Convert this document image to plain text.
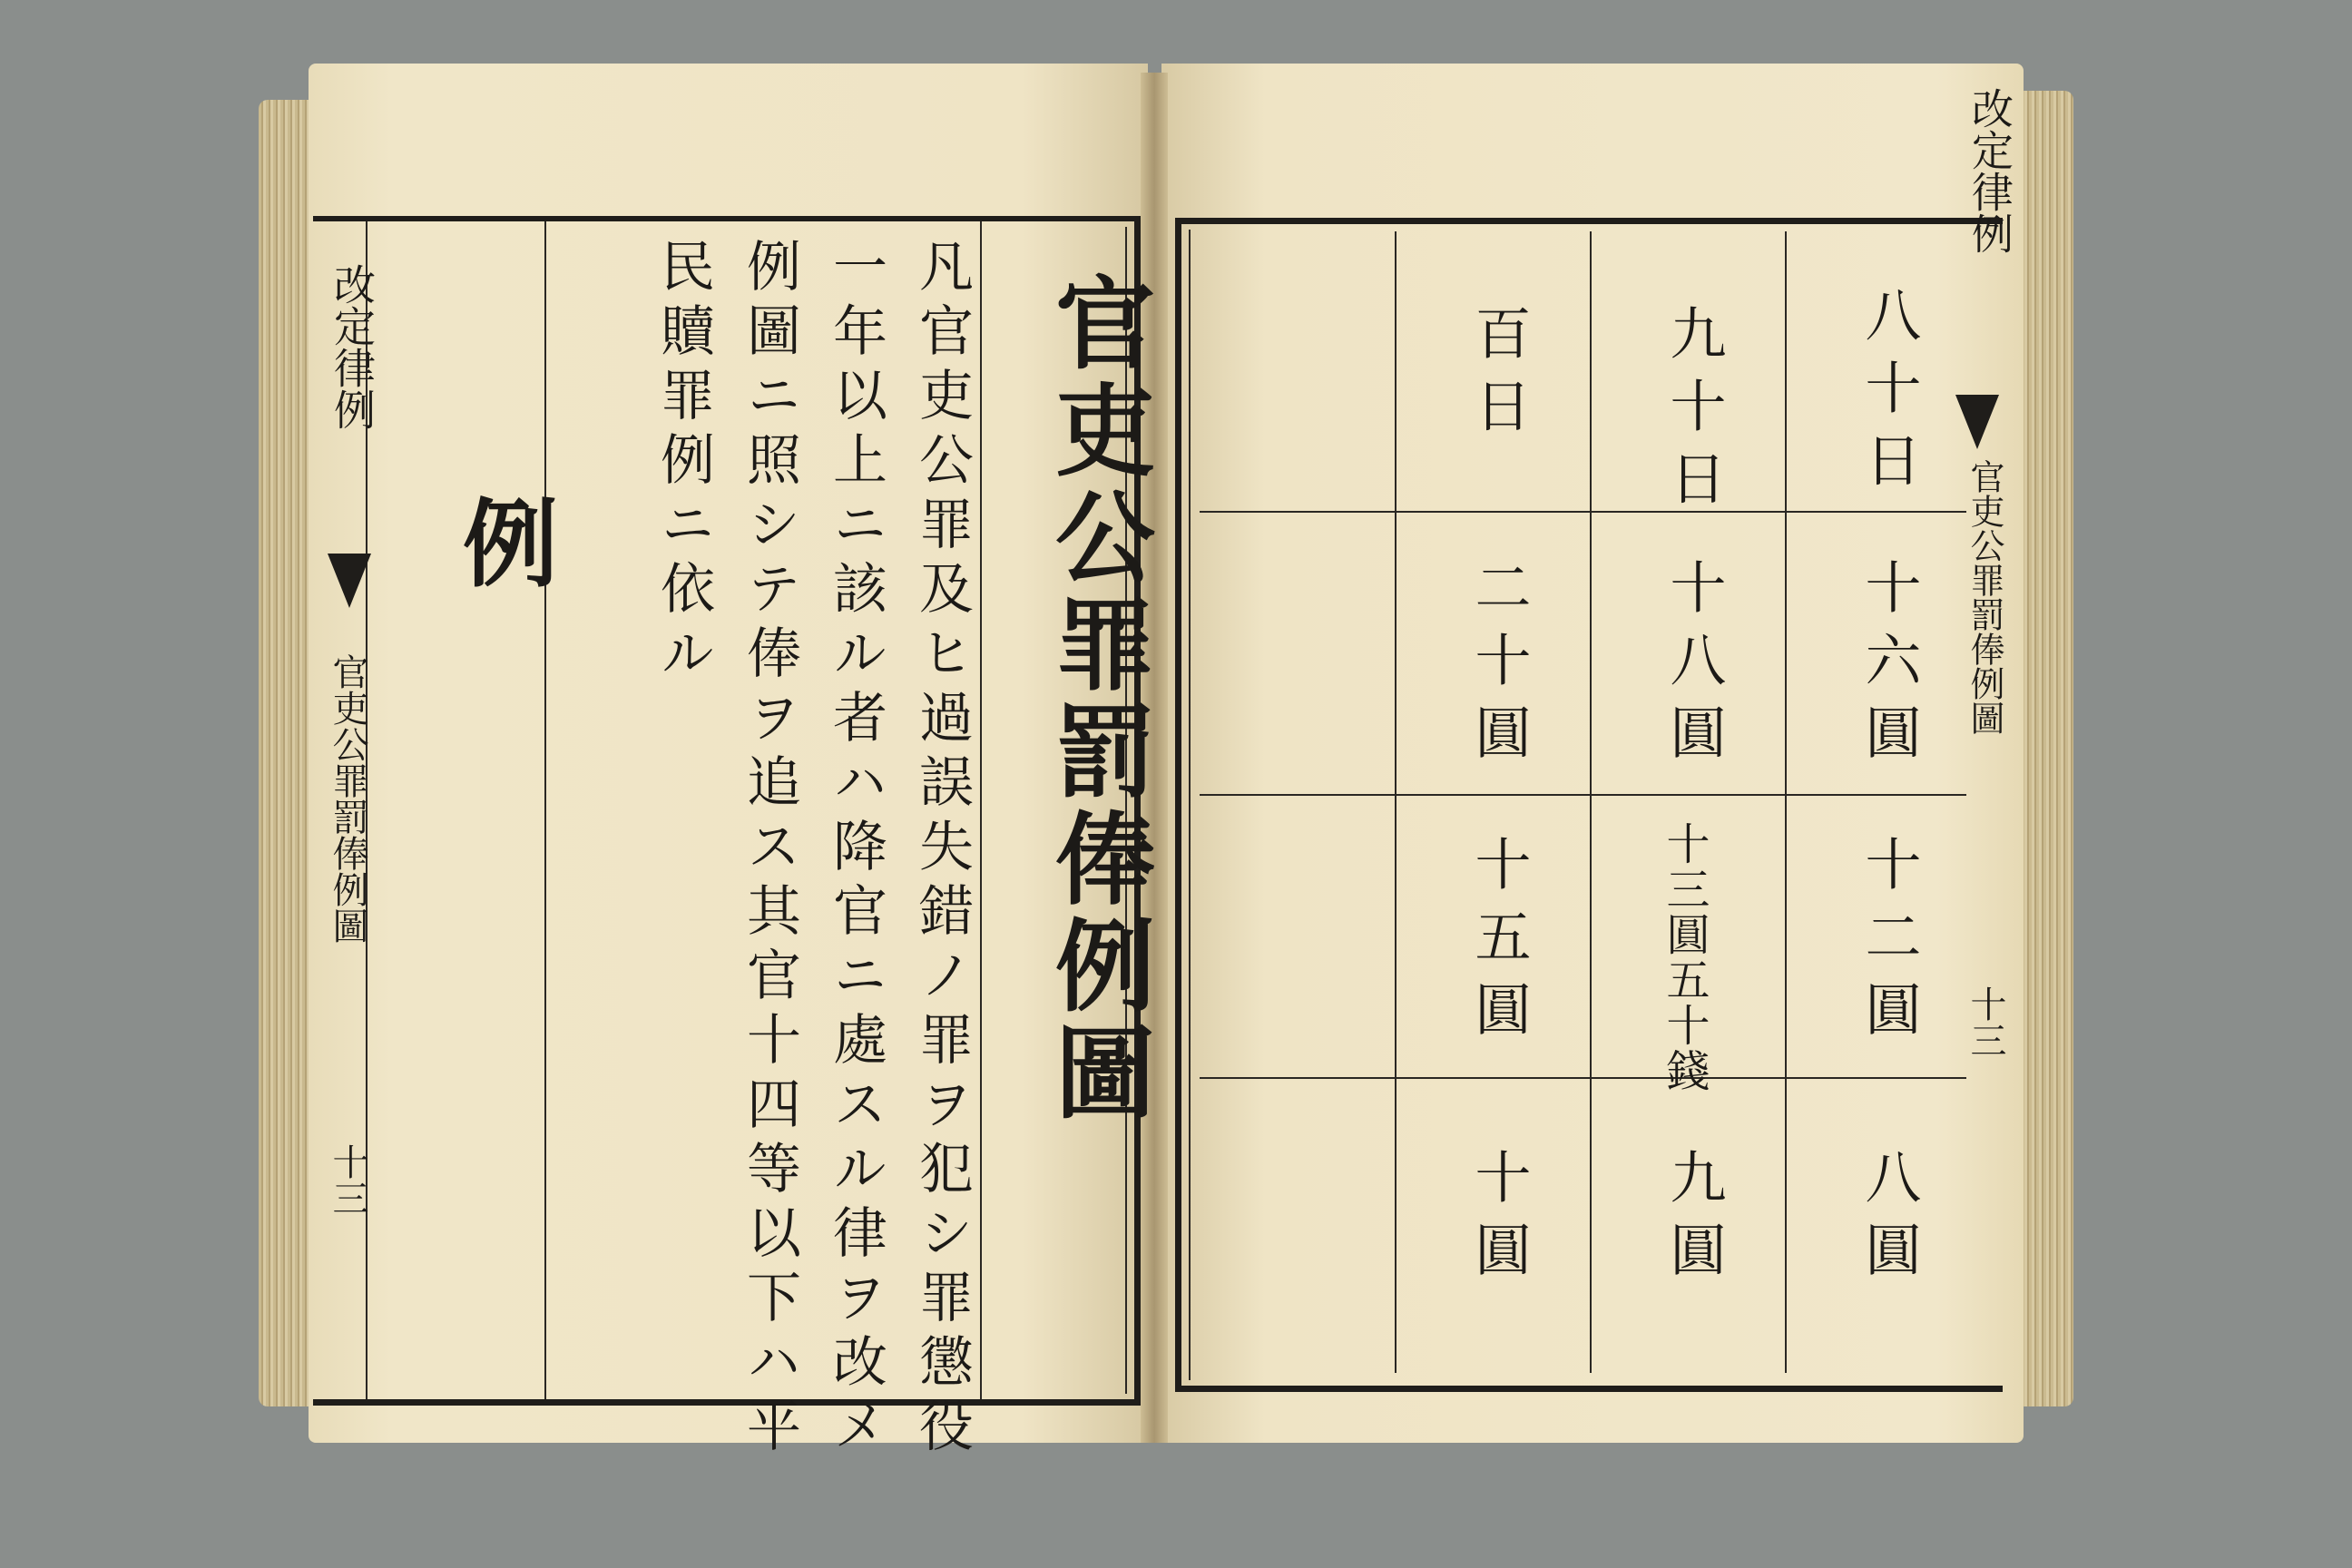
改定律例
官吏公罪罰俸例圖
十三
官吏公罪罰俸例圖
凡官吏公罪及ヒ過誤失錯ノ罪ヲ犯シ罪懲役
一年以上ニ該ル者ハ降官ニ處スル律ヲ改メ
例圖ニ照シテ俸ヲ追ス其官十四等以下ハ平
民贖罪例ニ依ル
例
八十日
十六圓
十二圓
八圓
九十日
十八圓
十三圓五十錢
九圓
百日
二十圓
十五圓
十圓
改定律例
官吏公罪罰俸例圖
十三
